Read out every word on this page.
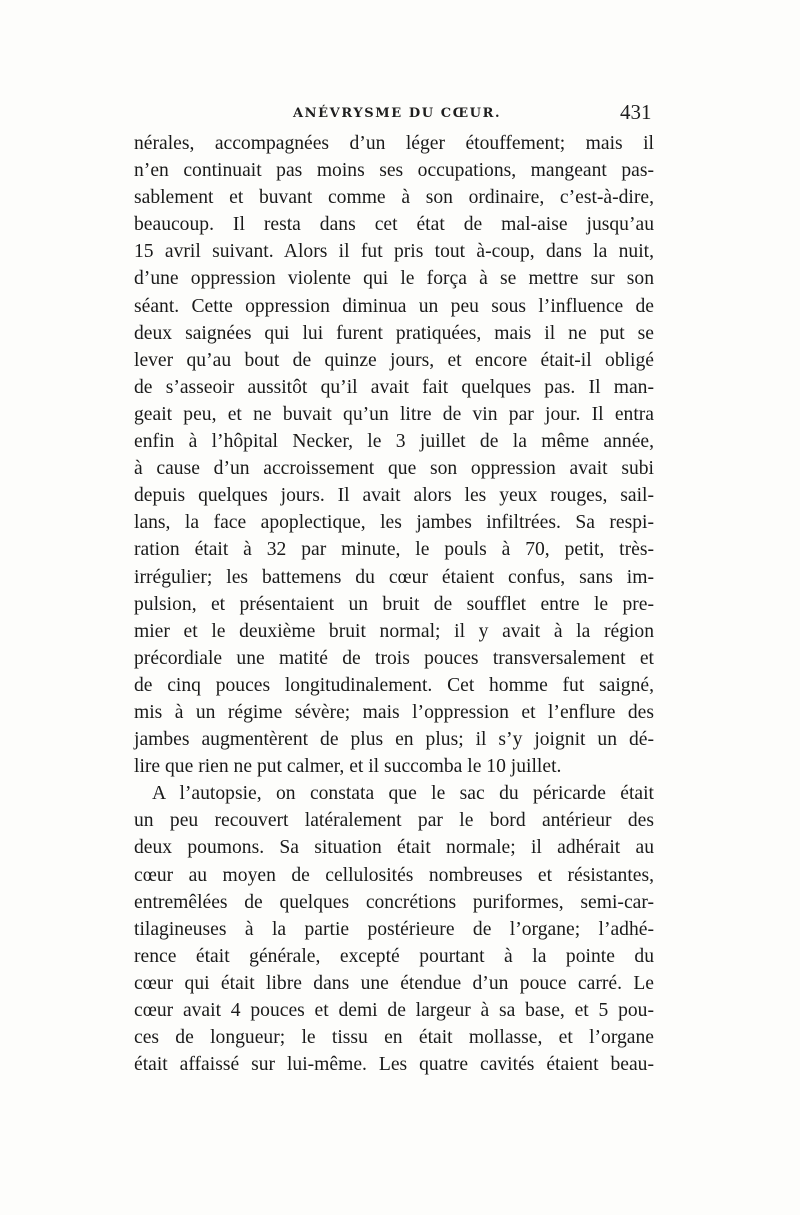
ANÉVRYSME DU CŒUR.	431
nérales, accompagnées d’un léger étouffement; mais il
n’en continuait pas moins ses occupations, mangeant pas-
sablement et buvant comme à son ordinaire, c’est-à-dire,
beaucoup. Il resta dans cet état de mal-aise jusqu’au
15 avril suivant. Alors il fut pris tout à-coup, dans la nuit,
d’une oppression violente qui le força à se mettre sur son
séant. Cette oppression diminua un peu sous l’influence de
deux saignées qui lui furent pratiquées, mais il ne put se
lever qu’au bout de quinze jours, et encore était-il obligé
de s’asseoir aussitôt qu’il avait fait quelques pas. Il man-
geait peu, et ne buvait qu’un litre de vin par jour. Il entra
enfin à l’hôpital Necker, le 3 juillet de la même année,
à cause d’un accroissement que son oppression avait subi
depuis quelques jours. Il avait alors les yeux rouges, sail-
lans, la face apoplectique, les jambes infiltrées. Sa respi-
ration était à 32 par minute, le pouls à 70, petit, très-
irrégulier; les battemens du cœur étaient confus, sans im-
pulsion, et présentaient un bruit de soufflet entre le pre-
mier et le deuxième bruit normal; il y avait à la région
précordiale une matité de trois pouces transversalement et
de cinq pouces longitudinalement. Cet homme fut saigné,
mis à un régime sévère; mais l’oppression et l’enflure des
jambes augmentèrent de plus en plus; il s’y joignit un dé-
lire que rien ne put calmer, et il succomba le 10 juillet.
A l’autopsie, on constata que le sac du péricarde était
un peu recouvert latéralement par le bord antérieur des
deux poumons. Sa situation était normale; il adhérait au
cœur au moyen de cellulosités nombreuses et résistantes,
entremêlées de quelques concrétions puriformes, semi-car-
tilagineuses à la partie postérieure de l’organe; l’adhé-
rence était générale, excepté pourtant à la pointe du
cœur qui était libre dans une étendue d’un pouce carré. Le
cœur avait 4 pouces et demi de largeur à sa base, et 5 pou-
ces de longueur; le tissu en était mollasse, et l’organe
était affaissé sur lui-même. Les quatre cavités étaient beau-
